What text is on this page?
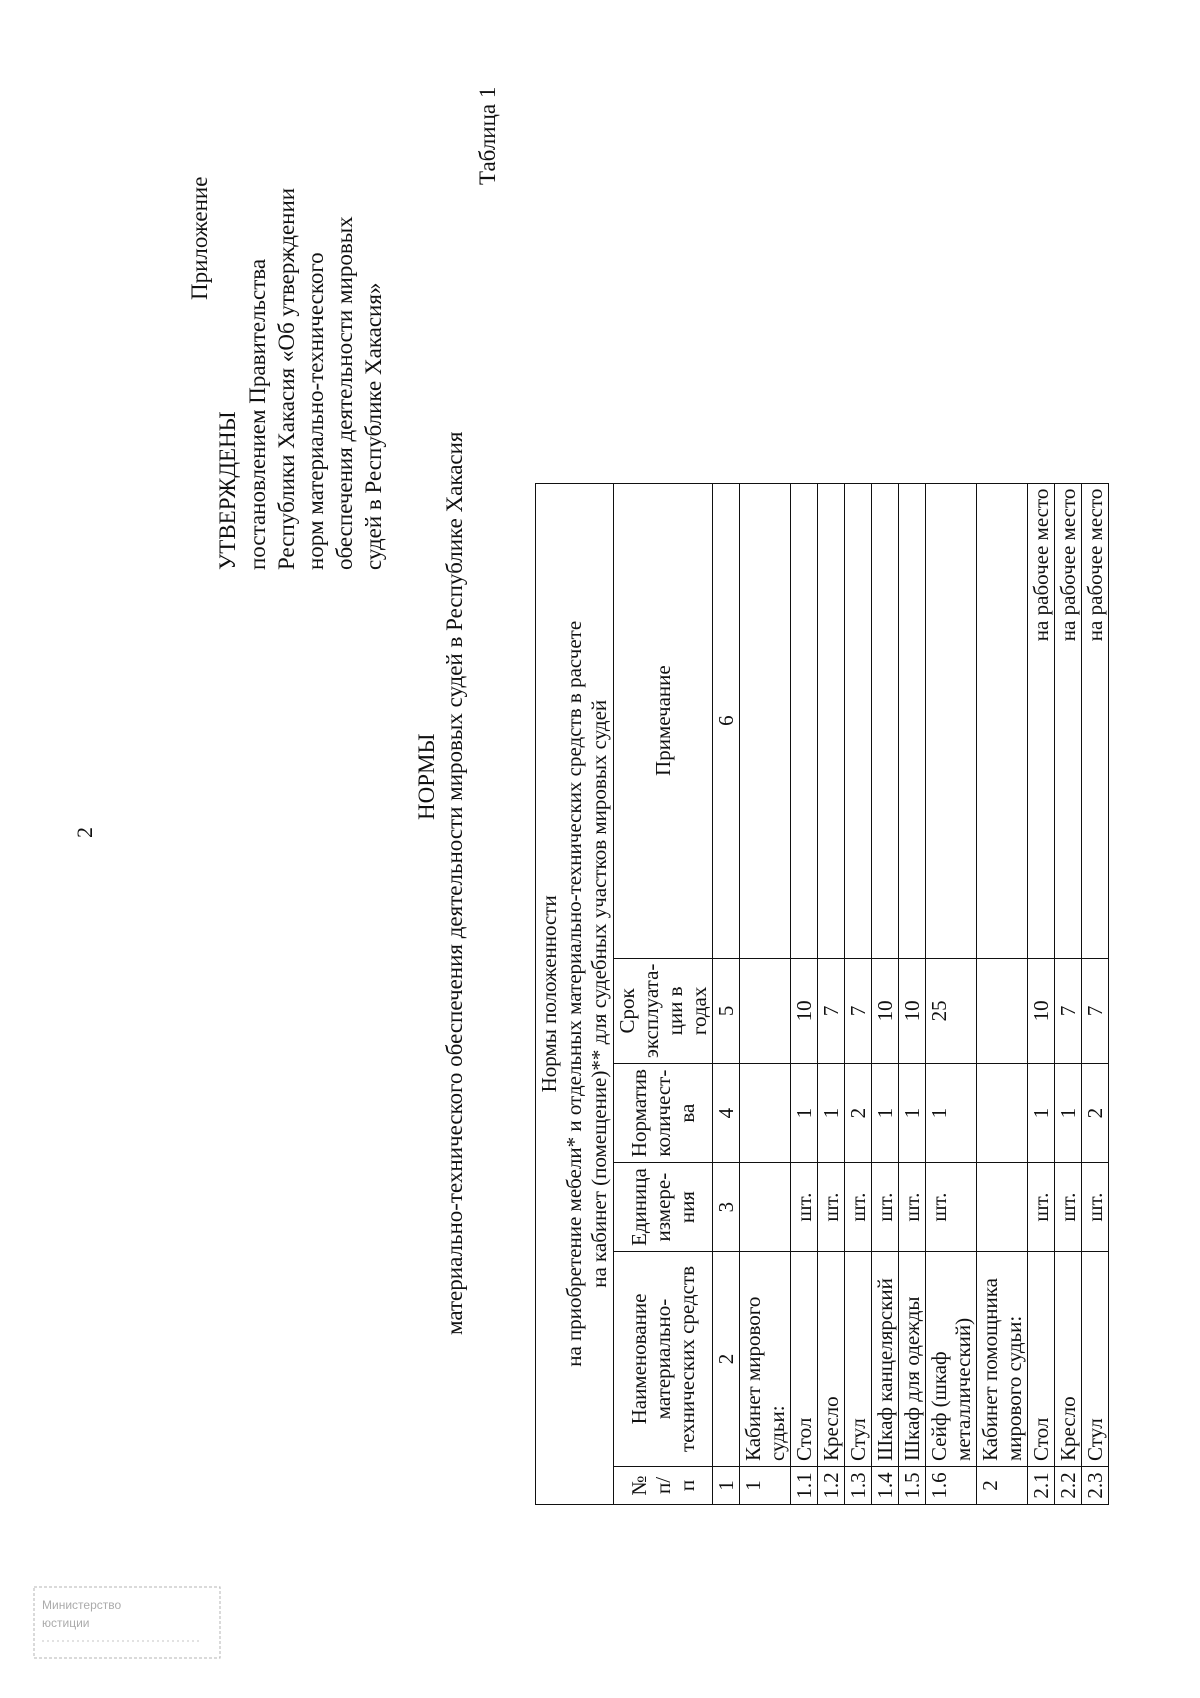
2
Приложение
УТВЕРЖДЕНЫ постановлением Правительства Республики Хакасия «Об утверждении норм материально-технического обеспечения деятельности мировых судей в Республике Хакасия»
НОРМЫ материально-технического обеспечения деятельности мировых судей в Республике Хакасия
Таблица 1
Нормы положенности на приобретение мебели* и отдельных материально-технических средств в расчете на кабинет (помещение)** для судебных участков мировых судей					

№ п/п	Наименование материально-технических средств	Единица измере-ния	Норматив количест-ва	Срок эксплуата-ции в годах	Примечание
1	2	3	4	5	6
1	Кабинет мирового судьи:				
1.1	Стол	шт.	1	10	
1.2	Кресло	шт.	1	7	
1.3	Стул	шт.	2	7	
1.4	Шкаф канцелярский	шт.	1	10	
1.5	Шкаф для одежды	шт.	1	10	
1.6	Сейф (шкаф металлический)	шт.	1	25	
2	Кабинет помощника мирового судьи:				
2.1	Стол	шт.	1	10	на рабочее место
2.2	Кресло	шт.	1	7	на рабочее место
2.3	Стул	шт.	2	7	на рабочее место
Министерство
юстиции
